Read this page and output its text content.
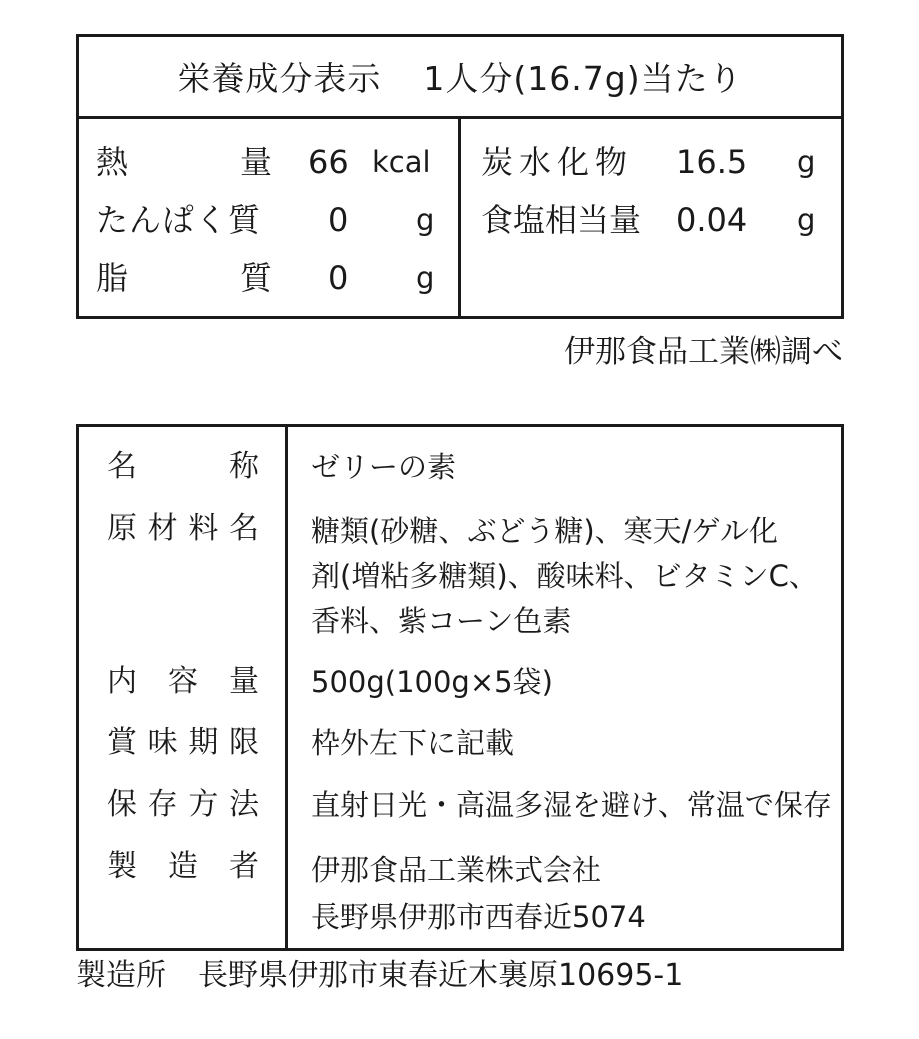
栄養成分表示 1人分(16.7g)当たり
熱	量 66 kcal
たんぱく質 0 g
脂	質 0 g
炭水化物 16.5 g
食塩相当量 0.04 g
伊那食品工業㈱調べ
名	称 ゼリーの素
原 材 料 名 糖類(砂糖、ぶどう糖)、寒天/ゲル化
剤(増粘多糖類)、酸味料、ビタミンC、
香料、紫コーン色素
内 容 量 500g(100g×5袋)
賞 味 期 限 枠外左下に記載
保 存 方 法 直射日光・高温多湿を避け、常温で保存
製 造 者 伊那食品工業株式会社
長野県伊那市西春近5074
製造所 長野県伊那市東春近木裏原10695-1
